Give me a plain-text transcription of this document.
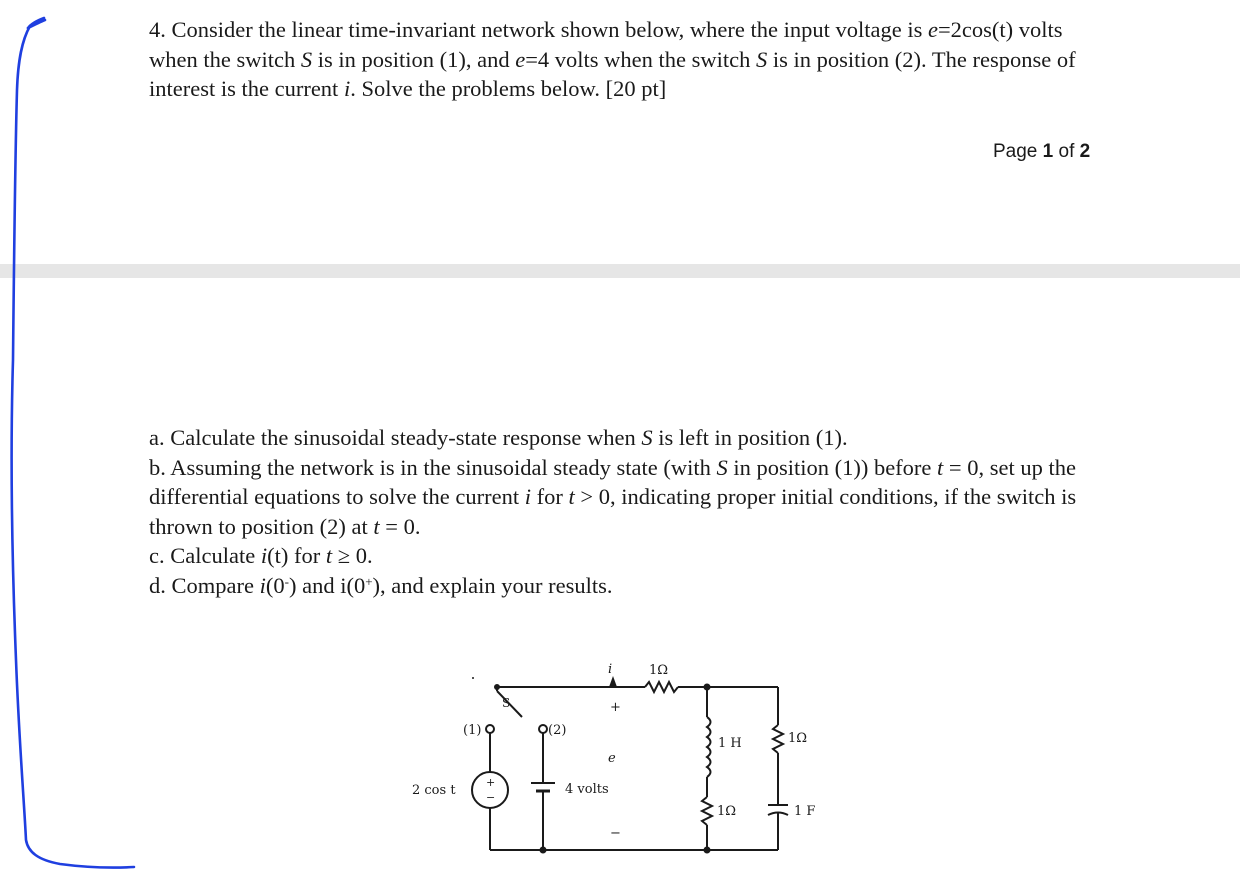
4. Consider the linear time-invariant network shown below, where the input voltage is e=2cos(t) volts when the switch S is in position (1), and e=4 volts when the switch S is in position (2). The response of interest is the current i. Solve the problems below. [20 pt]
Page 1 of 2
a. Calculate the sinusoidal steady-state response when S is left in position (1).
b. Assuming the network is in the sinusoidal steady state (with S in position (1)) before t = 0, set up the differential equations to solve the current i for t > 0, indicating proper initial conditions, if the switch is thrown to position (2) at t = 0.
c. Calculate i(t) for t ≥ 0.
d. Compare i(0-) and i(0+), and explain your results.
i	1Ω
S	+
(1)	(2)
e
2 cos t
+
−
4 volts
−
1 H
1Ω
1Ω
1 F
